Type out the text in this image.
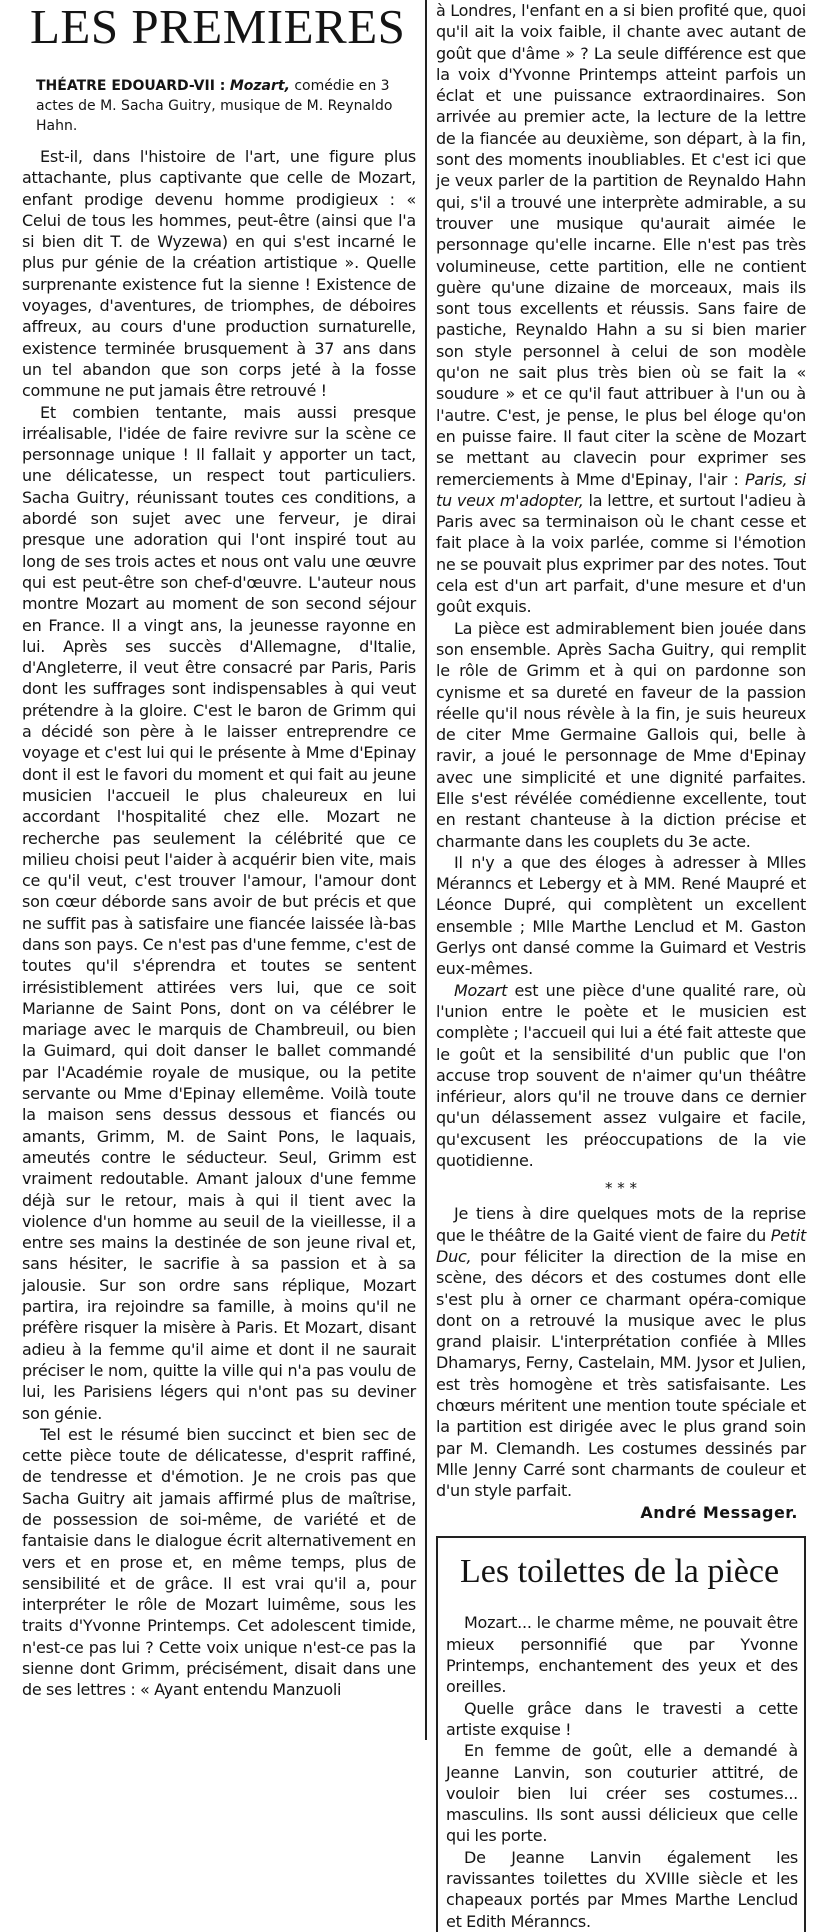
LES PREMIERES
THÉATRE EDOUARD-VII : Mozart, comédie en 3 actes de M. Sacha Guitry, musique de M. Reynaldo Hahn.

Est-il, dans l'histoire de l'art, une figure plus attachante, plus captivante que celle de Mozart, enfant prodige devenu homme prodigieux : « Celui de tous les hommes, peut-être (ainsi que l'a si bien dit T. de Wyzewa) en qui s'est incarné le plus pur génie de la création artistique ». Quelle surprenante existence fut la sienne ! Existence de voyages, d'aventures, de triomphes, de déboires affreux, au cours d'une production surnaturelle, existence terminée brusquement à 37 ans dans un tel abandon que son corps jeté à la fosse commune ne put jamais être retrouvé !

Et combien tentante, mais aussi presque irréalisable, l'idée de faire revivre sur la scène ce personnage unique ! Il fallait y apporter un tact, une délicatesse, un respect tout particuliers. Sacha Guitry, réunissant toutes ces conditions, a abordé son sujet avec une ferveur, je dirai presque une adoration qui l'ont inspiré tout au long de ses trois actes et nous ont valu une œuvre qui est peut-être son chef-d'œuvre. L'auteur nous montre Mozart au moment de son second séjour en France. Il a vingt ans, la jeunesse rayonne en lui. Après ses succès d'Allemagne, d'Italie, d'Angleterre, il veut être consacré par Paris, Paris dont les suffrages sont indispensables à qui veut prétendre à la gloire. C'est le baron de Grimm qui a décidé son père à le laisser entreprendre ce voyage et c'est lui qui le présente à Mme d'Epinay dont il est le favori du moment et qui fait au jeune musicien l'accueil le plus chaleureux en lui accordant l'hospitalité chez elle. Mozart ne recherche pas seulement la célébrité que ce milieu choisi peut l'aider à acquérir bien vite, mais ce qu'il veut, c'est trouver l'amour, l'amour dont son cœur déborde sans avoir de but précis et que ne suffit pas à satisfaire une fiancée laissée là-bas dans son pays. Ce n'est pas d'une femme, c'est de toutes qu'il s'éprendra et toutes se sentent irrésistiblement attirées vers lui, que ce soit Marianne de Saint Pons, dont on va célébrer le mariage avec le marquis de Chambreuil, ou bien la Guimard, qui doit danser le ballet commandé par l'Académie royale de musique, ou la petite servante ou Mme d'Epinay ellemême. Voilà toute la maison sens dessus dessous et fiancés ou amants, Grimm, M. de Saint Pons, le laquais, ameutés contre le séducteur. Seul, Grimm est vraiment redoutable. Amant jaloux d'une femme déjà sur le retour, mais à qui il tient avec la violence d'un homme au seuil de la vieillesse, il a entre ses mains la destinée de son jeune rival et, sans hésiter, le sacrifie à sa passion et à sa jalousie. Sur son ordre sans réplique, Mozart partira, ira rejoindre sa famille, à moins qu'il ne préfère risquer la misère à Paris. Et Mozart, disant adieu à la femme qu'il aime et dont il ne saurait préciser le nom, quitte la ville qui n'a pas voulu de lui, les Parisiens légers qui n'ont pas su deviner son génie.

Tel est le résumé bien succinct et bien sec de cette pièce toute de délicatesse, d'esprit raffiné, de tendresse et d'émotion. Je ne crois pas que Sacha Guitry ait jamais affirmé plus de maîtrise, de possession de soi-même, de variété et de fantaisie dans le dialogue écrit alternativement en vers et en prose et, en même temps, plus de sensibilité et de grâce. Il est vrai qu'il a, pour interpréter le rôle de Mozart luimême, sous les traits d'Yvonne Printemps. Cet adolescent timide, n'est-ce pas lui ? Cette voix unique n'est-ce pas la sienne dont Grimm, précisément, disait dans une de ses lettres : « Ayant entendu Manzuoli

à Londres, l'enfant en a si bien profité que, quoi qu'il ait la voix faible, il chante avec autant de goût que d'âme » ? La seule différence est que la voix d'Yvonne Printemps atteint parfois un éclat et une puissance extraordinaires. Son arrivée au premier acte, la lecture de la lettre de la fiancée au deuxième, son départ, à la fin, sont des moments inoubliables. Et c'est ici que je veux parler de la partition de Reynaldo Hahn qui, s'il a trouvé une interprète admirable, a su trouver une musique qu'aurait aimée le personnage qu'elle incarne. Elle n'est pas très volumineuse, cette partition, elle ne contient guère qu'une dizaine de morceaux, mais ils sont tous excellents et réussis. Sans faire de pastiche, Reynaldo Hahn a su si bien marier son style personnel à celui de son modèle qu'on ne sait plus très bien où se fait la « soudure » et ce qu'il faut attribuer à l'un ou à l'autre. C'est, je pense, le plus bel éloge qu'on en puisse faire. Il faut citer la scène de Mozart se mettant au clavecin pour exprimer ses remerciements à Mme d'Epinay, l'air : Paris, si tu veux m'adopter, la lettre, et surtout l'adieu à Paris avec sa terminaison où le chant cesse et fait place à la voix parlée, comme si l'émotion ne se pouvait plus exprimer par des notes. Tout cela est d'un art parfait, d'une mesure et d'un goût exquis.

La pièce est admirablement bien jouée dans son ensemble. Après Sacha Guitry, qui remplit le rôle de Grimm et à qui on pardonne son cynisme et sa dureté en faveur de la passion réelle qu'il nous révèle à la fin, je suis heureux de citer Mme Germaine Gallois qui, belle à ravir, a joué le personnage de Mme d'Epinay avec une simplicité et une dignité parfaites. Elle s'est révélée comédienne excellente, tout en restant chanteuse à la diction précise et charmante dans les couplets du 3e acte.

Il n'y a que des éloges à adresser à Mlles Méranncs et Lebergy et à MM. René Maupré et Léonce Dupré, qui complètent un excellent ensemble ; Mlle Marthe Lenclud et M. Gaston Gerlys ont dansé comme la Guimard et Vestris eux-mêmes.

Mozart est une pièce d'une qualité rare, où l'union entre le poète et le musicien est complète ; l'accueil qui lui a été fait atteste que le goût et la sensibilité d'un public que l'on accuse trop souvent de n'aimer qu'un théâtre inférieur, alors qu'il ne trouve dans ce dernier qu'un délassement assez vulgaire et facile, qu'excusent les préoccupations de la vie quotidienne.

* * *

Je tiens à dire quelques mots de la reprise que le théâtre de la Gaité vient de faire du Petit Duc, pour féliciter la direction de la mise en scène, des décors et des costumes dont elle s'est plu à orner ce charmant opéra-comique dont on a retrouvé la musique avec le plus grand plaisir. L'interprétation confiée à Mlles Dhamarys, Ferny, Castelain, MM. Jysor et Julien, est très homogène et très satisfaisante. Les chœurs méritent une mention toute spéciale et la partition est dirigée avec le plus grand soin par M. Clemandh. Les costumes dessinés par Mlle Jenny Carré sont charmants de couleur et d'un style parfait.

André Messager.
Les toilettes de la pièce

Mozart... le charme même, ne pouvait être mieux personnifié que par Yvonne Printemps, enchantement des yeux et des oreilles.

Quelle grâce dans le travesti a cette artiste exquise !

En femme de goût, elle a demandé à Jeanne Lanvin, son couturier attitré, de vouloir bien lui créer ses costumes... masculins. Ils sont aussi délicieux que celle qui les porte.

De Jeanne Lanvin également les ravissantes toilettes du XVIIIe siècle et les chapeaux portés par Mmes Marthe Lenclud et Edith Méranncs.
